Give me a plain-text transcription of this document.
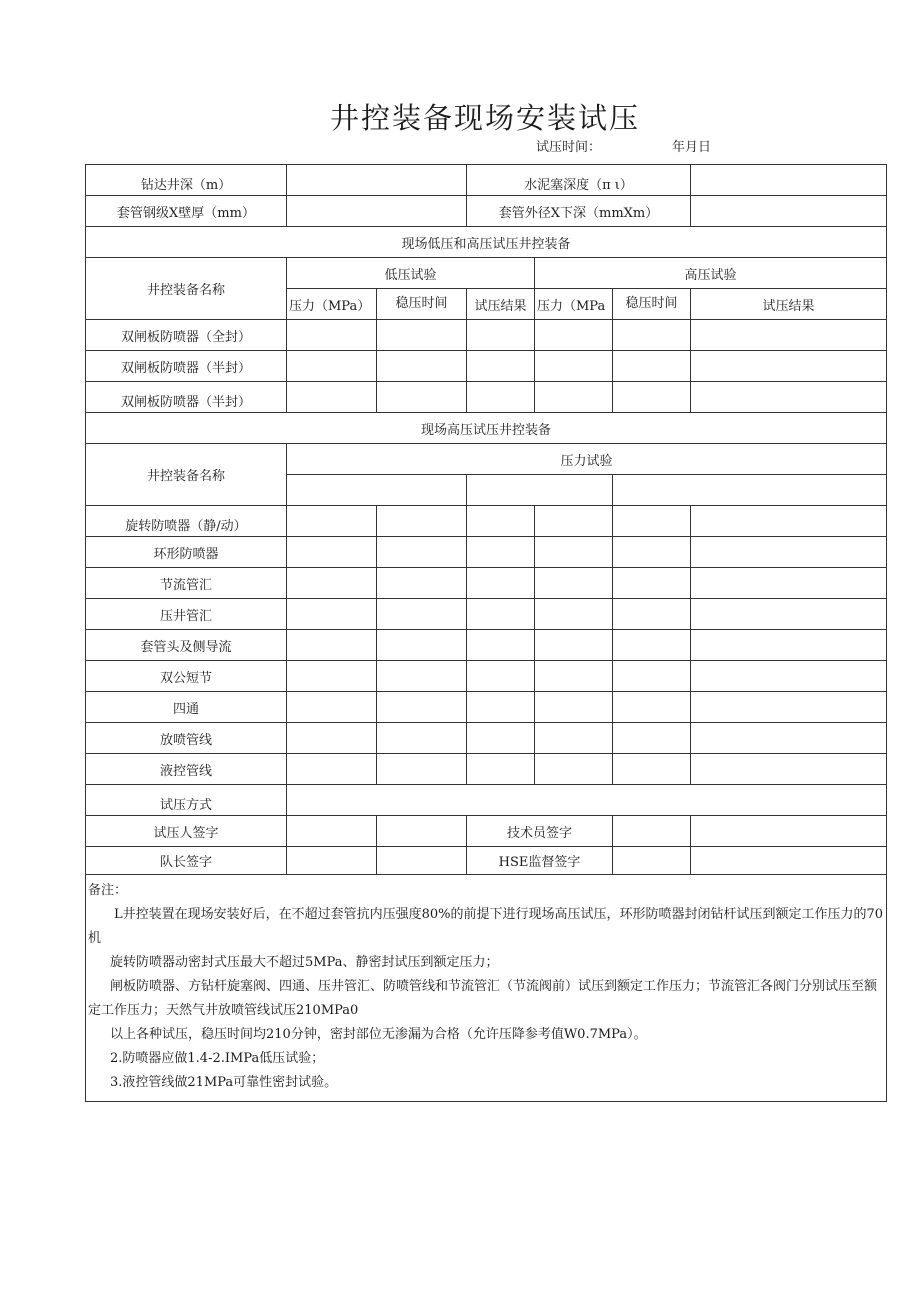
井控装备现场安装试压
试压时间：	年月日
钻达井深（m）			水泥塞深度（π ι）			
套管钢级X壁厚（mm）			套管外径X下深（mmXm）			
现场低压和高压试压井控装备						
井控装备名称	低压试验			高压试验		
	压力（MPa）	稳压时间	试压结果	压力（MPa	稳压时间	试压结果
双闸板防喷器（全封）						
双闸板防喷器（半封）						
双闸板防喷器（半封）						
现场高压试压井控装备						
井控装备名称	压力试验					

旋转防喷器（静/动）						
环形防喷器						
节流管汇						
压井管汇						
套管头及侧导流						
双公短节						
四通						
放喷管线						
液控管线						
试压方式						
试压人签字			技术员签字			
队长签字			HSE监督签字			

备注：

L井控装置在现场安装好后，在不超过套管抗内压强度80%的前提下进行现场高压试压，环形防喷器封闭钻杆试压到额定工作压力的70机

旋转防喷器动密封式压最大不超过5MPa、静密封试压到额定压力；

闸板防喷器、方钻杆旋塞阀、四通、压井管汇、防喷管线和节流管汇（节流阀前）试压到额定工作压力；节流管汇各阀门分别试压至额定工作压力；天然气井放喷管线试压210MPa0

以上各种试压，稳压时间均210分钟，密封部位无渗漏为合格（允许压降参考值W0.7MPa）。

2.防喷器应做1.4-2.IMPa低压试验；

3.液控管线做21MPa可靠性密封试验。
